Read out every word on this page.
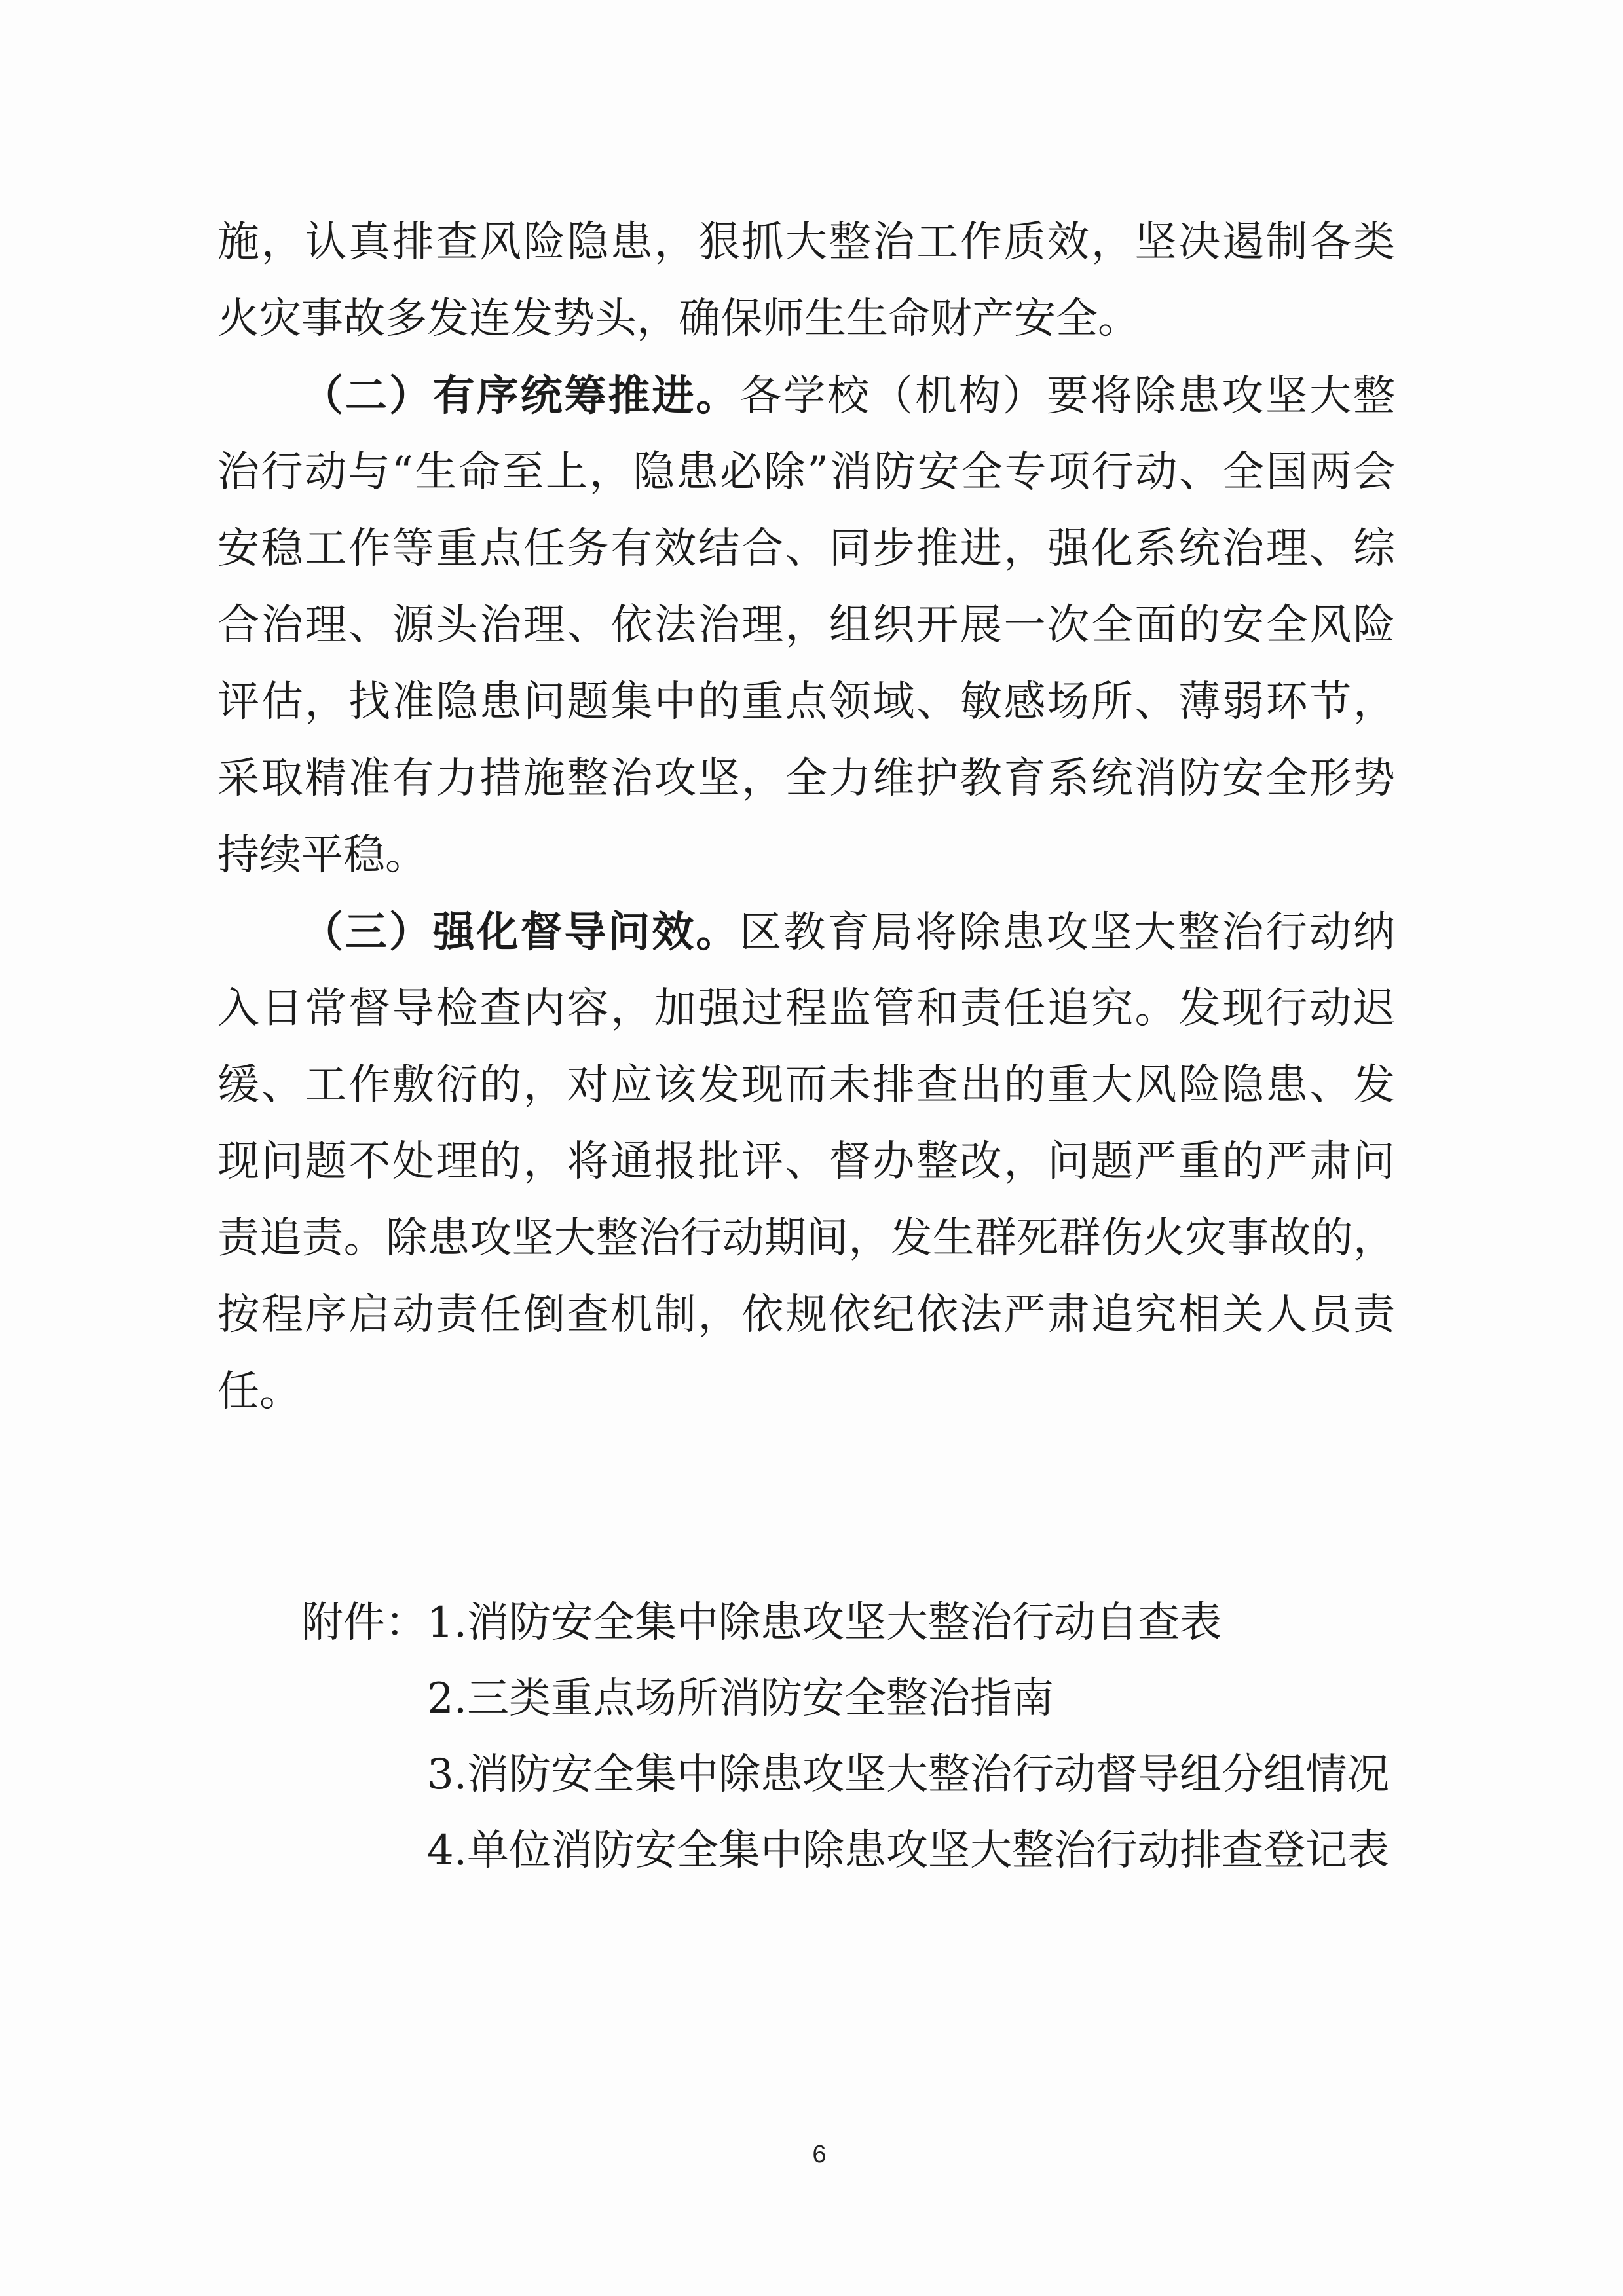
施，认真排查风险隐患，狠抓大整治工作质效，坚决遏制各类
火灾事故多发连发势头，确保师生生命财产安全。
（二）有序统筹推进。各学校（机构）要将除患攻坚大整
治行动与“生命至上，隐患必除”消防安全专项行动、全国两会
安稳工作等重点任务有效结合、同步推进，强化系统治理、综
合治理、源头治理、依法治理，组织开展一次全面的安全风险
评估，找准隐患问题集中的重点领域、敏感场所、薄弱环节，
采取精准有力措施整治攻坚，全力维护教育系统消防安全形势
持续平稳。
（三）强化督导问效。区教育局将除患攻坚大整治行动纳
入日常督导检查内容，加强过程监管和责任追究。发现行动迟
缓、工作敷衍的，对应该发现而未排查出的重大风险隐患、发
现问题不处理的，将通报批评、督办整改，问题严重的严肃问
责追责。除患攻坚大整治行动期间，发生群死群伤火灾事故的，
按程序启动责任倒查机制，依规依纪依法严肃追究相关人员责
任。
附件：1.消防安全集中除患攻坚大整治行动自查表
2.三类重点场所消防安全整治指南
3.消防安全集中除患攻坚大整治行动督导组分组情况
4.单位消防安全集中除患攻坚大整治行动排查登记表
6
